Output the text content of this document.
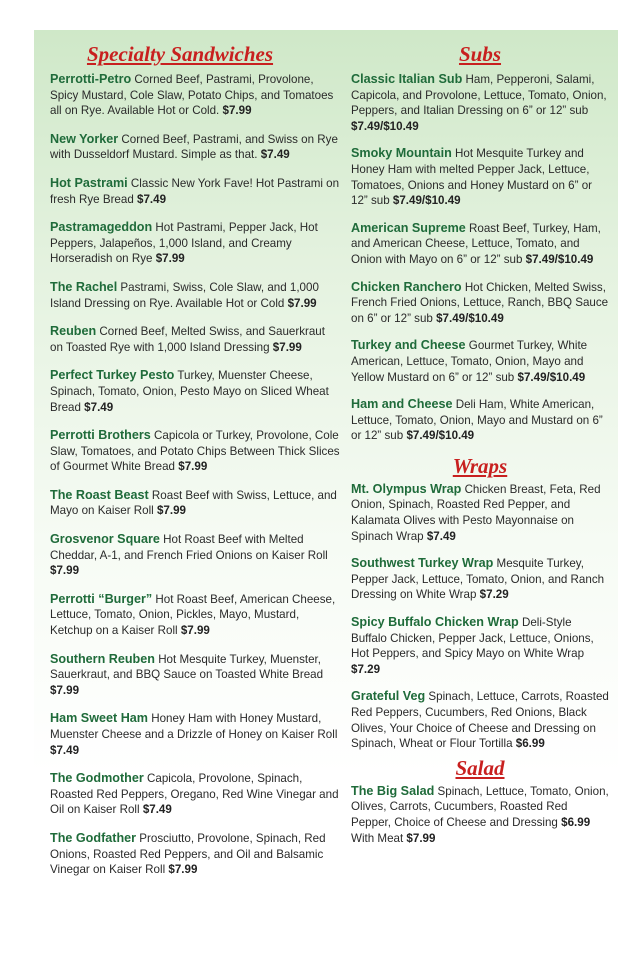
Specialty Sandwiches
Perrotti-Petro Corned Beef, Pastrami, Provolone, Spicy Mustard, Cole Slaw, Potato Chips, and Tomatoes all on Rye. Available Hot or Cold. $7.99
New Yorker Corned Beef, Pastrami, and Swiss on Rye with Dusseldorf Mustard. Simple as that. $7.49
Hot Pastrami Classic New York Fave! Hot Pastrami on fresh Rye Bread $7.49
Pastramageddon Hot Pastrami, Pepper Jack, Hot Peppers, Jalapeños, 1,000 Island, and Creamy Horseradish on Rye $7.99
The Rachel Pastrami, Swiss, Cole Slaw, and 1,000 Island Dressing on Rye. Available Hot or Cold $7.99
Reuben Corned Beef, Melted Swiss, and Sauerkraut on Toasted Rye with 1,000 Island Dressing $7.99
Perfect Turkey Pesto Turkey, Muenster Cheese, Spinach, Tomato, Onion, Pesto Mayo on Sliced Wheat Bread $7.49
Perrotti Brothers Capicola or Turkey, Provolone, Cole Slaw, Tomatoes, and Potato Chips Between Thick Slices of Gourmet White Bread $7.99
The Roast Beast Roast Beef with Swiss, Lettuce, and Mayo on Kaiser Roll $7.99
Grosvenor Square Hot Roast Beef with Melted Cheddar, A-1, and French Fried Onions on Kaiser Roll $7.99
Perrotti “Burger” Hot Roast Beef, American Cheese, Lettuce, Tomato, Onion, Pickles, Mayo, Mustard, Ketchup on a Kaiser Roll $7.99
Southern Reuben Hot Mesquite Turkey, Muenster, Sauerkraut, and BBQ Sauce on Toasted White Bread $7.99
Ham Sweet Ham Honey Ham with Honey Mustard, Muenster Cheese and a Drizzle of Honey on Kaiser Roll $7.49
The Godmother Capicola, Provolone, Spinach, Roasted Red Peppers, Oregano, Red Wine Vinegar and Oil on Kaiser Roll $7.49
The Godfather Prosciutto, Provolone, Spinach, Red Onions, Roasted Red Peppers, and Oil and Balsamic Vinegar on Kaiser Roll $7.99
Subs
Classic Italian Sub Ham, Pepperoni, Salami, Capicola, and Provolone, Lettuce, Tomato, Onion, Peppers, and Italian Dressing on 6” or 12” sub $7.49/$10.49
Smoky Mountain Hot Mesquite Turkey and Honey Ham with melted Pepper Jack, Lettuce, Tomatoes, Onions and Honey Mustard on 6” or 12” sub $7.49/$10.49
American Supreme Roast Beef, Turkey, Ham, and American Cheese, Lettuce, Tomato, and Onion with Mayo on 6” or 12” sub $7.49/$10.49
Chicken Ranchero Hot Chicken, Melted Swiss, French Fried Onions, Lettuce, Ranch, BBQ Sauce on 6” or 12” sub $7.49/$10.49
Turkey and Cheese Gourmet Turkey, White American, Lettuce, Tomato, Onion, Mayo and Yellow Mustard on 6” or 12” sub $7.49/$10.49
Ham and Cheese Deli Ham, White American, Lettuce, Tomato, Onion, Mayo and Mustard on 6” or 12” sub $7.49/$10.49
Wraps
Mt. Olympus Wrap Chicken Breast, Feta, Red Onion, Spinach, Roasted Red Pepper, and Kalamata Olives with Pesto Mayonnaise on Spinach Wrap $7.49
Southwest Turkey Wrap Mesquite Turkey, Pepper Jack, Lettuce, Tomato, Onion, and Ranch Dressing on White Wrap $7.29
Spicy Buffalo Chicken Wrap Deli-Style Buffalo Chicken, Pepper Jack, Lettuce, Onions, Hot Peppers, and Spicy Mayo on White Wrap $7.29
Grateful Veg Spinach, Lettuce, Carrots, Roasted Red Peppers, Cucumbers, Red Onions, Black Olives, Your Choice of Cheese and Dressing on Spinach, Wheat or Flour Tortilla $6.99
Salad
The Big Salad Spinach, Lettuce, Tomato, Onion, Olives, Carrots, Cucumbers, Roasted Red Pepper, Choice of Cheese and Dressing $6.99 With Meat $7.99
